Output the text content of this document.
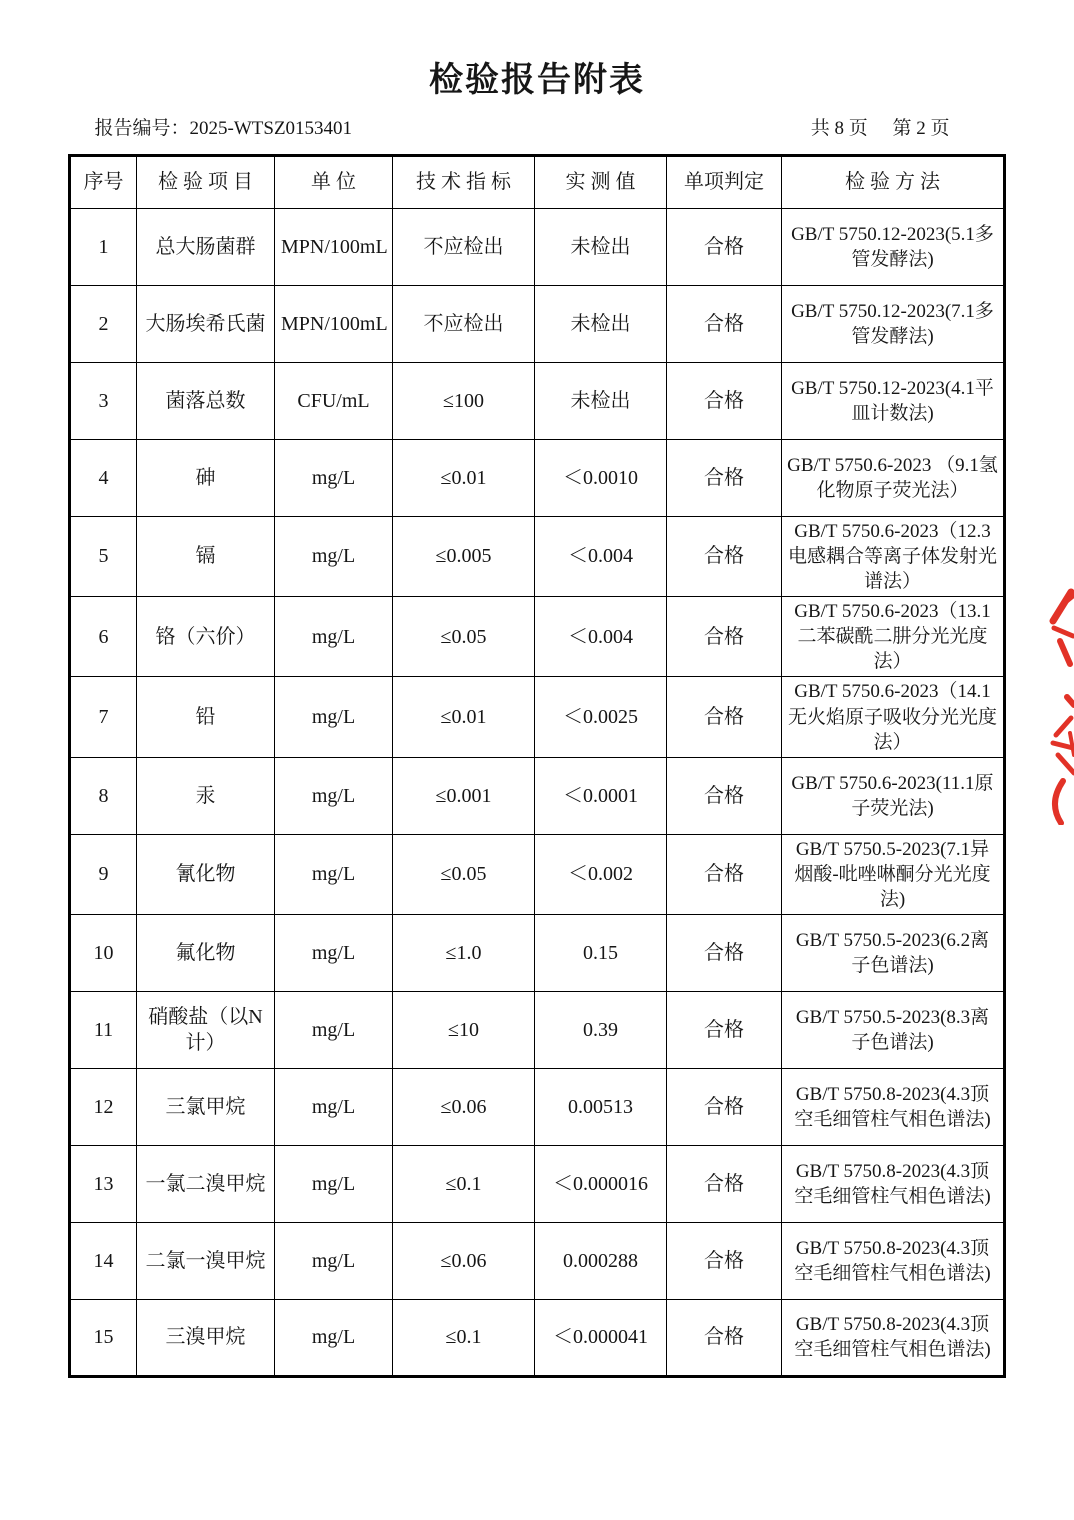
检验报告附表
报告编号：2025-WTSZ0153401	共 8 页 第 2 页
序号	检 验 项 目	单 位	技 术 指 标	实 测 值	单项判定	检 验 方 法
1	总大肠菌群	MPN/100mL	不应检出	未检出	合格	GB/T 5750.12-2023(5.1多管发酵法)
2	大肠埃希氏菌	MPN/100mL	不应检出	未检出	合格	GB/T 5750.12-2023(7.1多管发酵法)
3	菌落总数	CFU/mL	≤100	未检出	合格	GB/T 5750.12-2023(4.1平皿计数法)
4	砷	mg/L	≤0.01	＜0.0010	合格	GB/T 5750.6-2023 （9.1氢化物原子荧光法）
5	镉	mg/L	≤0.005	＜0.004	合格	GB/T 5750.6-2023（12.3电感耦合等离子体发射光谱法）
6	铬（六价）	mg/L	≤0.05	＜0.004	合格	GB/T 5750.6-2023（13.1 二苯碳酰二肼分光光度法）
7	铅	mg/L	≤0.01	＜0.0025	合格	GB/T 5750.6-2023（14.1 无火焰原子吸收分光光度法）
8	汞	mg/L	≤0.001	＜0.0001	合格	GB/T 5750.6-2023(11.1原子荧光法)
9	氰化物	mg/L	≤0.05	＜0.002	合格	GB/T 5750.5-2023(7.1异烟酸-吡唑啉酮分光光度法)
10	氟化物	mg/L	≤1.0	0.15	合格	GB/T 5750.5-2023(6.2离子色谱法)
11	硝酸盐（以N计）	mg/L	≤10	0.39	合格	GB/T 5750.5-2023(8.3离子色谱法)
12	三氯甲烷	mg/L	≤0.06	0.00513	合格	GB/T 5750.8-2023(4.3顶空毛细管柱气相色谱法)
13	一氯二溴甲烷	mg/L	≤0.1	＜0.000016	合格	GB/T 5750.8-2023(4.3顶空毛细管柱气相色谱法)
14	二氯一溴甲烷	mg/L	≤0.06	0.000288	合格	GB/T 5750.8-2023(4.3顶空毛细管柱气相色谱法)
15	三溴甲烷	mg/L	≤0.1	＜0.000041	合格	GB/T 5750.8-2023(4.3顶空毛细管柱气相色谱法)
